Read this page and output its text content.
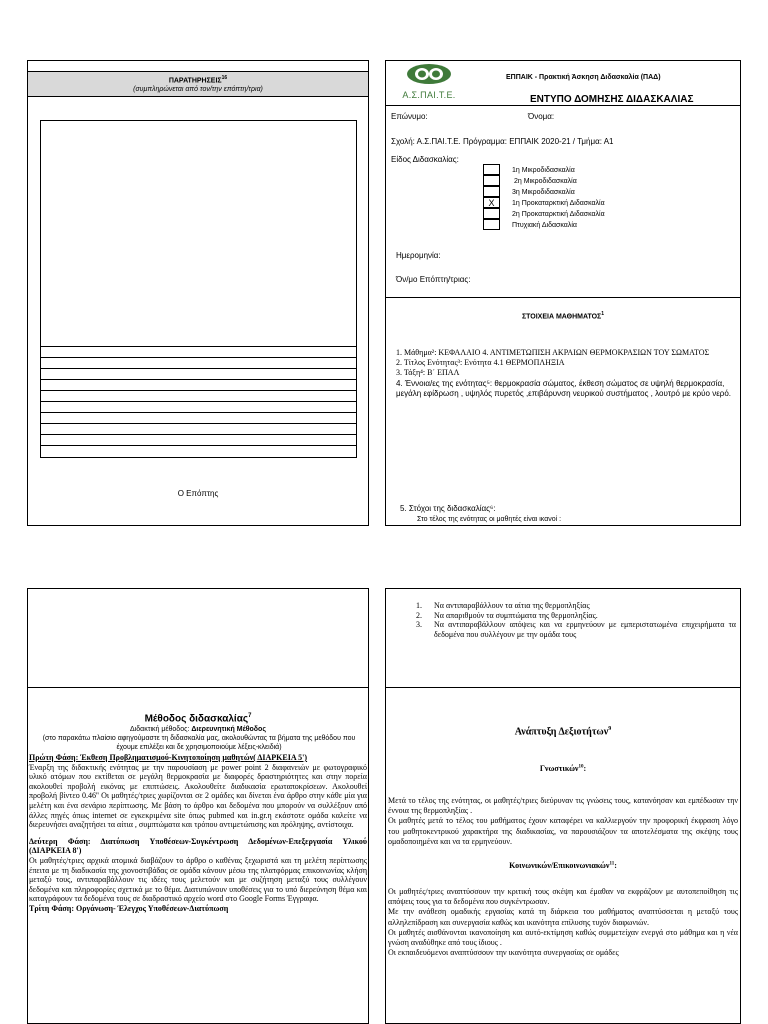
ΠΑΡΑΤΗΡΗΣΕΙΣ$^{16}$
(συμπληρώνεται από τον/την επόπτη/τρια)
Ο Επόπτης
Α.Σ.ΠΑΙ.Τ.Ε.
ΕΠΠΑΙΚ - Πρακτική Άσκηση Διδασκαλία (ΠΑΔ)
ΕΝΤΥΠΟ ΔΟΜΗΣΗΣ ΔΙΔΑΣΚΑΛΙΑΣ
Επώνυμο:	Όνομα:
Σχολή: Α.Σ.ΠΑΙ.Τ.Ε. Πρόγραμμα: ΕΠΠΑΙΚ 2020-21 / Τμήμα: Α1
Είδος Διδασκαλίας:
1η Μικροδιδασκαλία
2η Μικροδιδασκαλία
3η Μικροδιδασκαλία
X	1η Προκαταρκτική Διδασκαλία
2η Προκαταρκτική Διδασκαλία
Πτυχιακή Διδασκαλία
Ημερομηνία:
Όν/μο Επόπτη/τριας:
ΣΤΟΙΧΕΙΑ ΜΑΘΗΜΑΤΟΣ$^1$

1. Μάθημα²: ΚΕΦΑΛΑΙΟ 4. ΑΝΤΙΜΕΤΩΠΙΣΗ ΑΚΡΑΙΩΝ ΘΕΡΜΟΚΡΑΣΙΩΝ ΤΟΥ ΣΩΜΑΤΟΣ

2. Τίτλος Ενότητας³: Ενότητα 4.1 ΘΕΡΜΟΠΛΗΞΙΑ

3. Τάξη⁴: Β΄ ΕΠΑΛ

4. Έννοια/ες της ενότητας⁵: θερμοκρασία σώματος, έκθεση σώματος σε υψηλή θερμοκρασία, μεγάλη εφίδρωση , υψηλός πυρετός ,επιβάρυνση νευρικού συστήματος , λουτρό με κρύο νερό.
5. Στόχοι της διδασκαλίας⁶:
Στο τέλος της ενότητας οι μαθητές είναι ικανοί :
Μέθοδος διδασκαλίας$^7$
Διδακτική μέθοδος: Διερευνητική Μέθοδος
(στο παρακάτω πλαίσιο αφηγούμαστε τη διδασκαλία μας, ακολουθώντας τα βήματα της μεθόδου που έχουμε επιλέξει και δε χρησιμοποιούμε λέξεις-κλειδιά)

Πρώτη Φάση: Έκθεση Προβληματισμού-Κινητοποίηση μαθητών( ΔΙΑΡΚΕΙΑ 5')

Έναρξη της διδακτικής ενότητας με την παρουσίαση με power point 2 διαφανειών με φωτογραφικό υλικό ατόμων που εκτίθεται σε μεγάλη θερμοκρασία με διαφορές δραστηριότητες και στην πορεία ακολουθεί προβολή εικόνας με επιπτώσεις. Ακολουθείτε διαδικασία ερωταποκρίσεων. Ακολουθεί προβολή βίντεο 0.46'' Οι μαθητές/τριες χωρίζονται σε 2 ομάδες και δίνεται ένα άρθρο στην κάθε μία για μελέτη και ένα σενάριο περίπτωσης. Με βάση το άρθρο και δεδομένα που μπορούν να συλλέξουν από άλλες πηγές όπως internet σε εγκεκριμένα site όπως pubmed και in.gr.η εκάστοτε ομάδα καλείτε να διερευνήσει αναζητήσει τα αίτια , συμπτώματα και τρόπου αντιμετώπισης και πρόληψης, αντίστοιχα.

Δεύτερη Φάση: Διατύπωση Υποθέσεων-Συγκέντρωση Δεδομένων-Επεξεργασία Υλικού (ΔΙΑΡΚΕΙΑ 8')

Οι μαθητές/τριες αρχικά ατομικά διαβάζουν το άρθρο ο καθένας ξεχωριστά και τη μελέτη περίπτωσης έπειτα με τη διαδικασία της χιονοστιβάδας σε ομάδα κάνουν μέσω της πλατφόρμας επικοινωνίας κλήση μεταξύ τους, αντιπαραβάλλουν τις ιδέες τους μελετούν και με συζήτηση μεταξύ τους συλλέγουν δεδομένα και πληροφορίες σχετικά με το θέμα. Διατυπώνουν υποθέσεις για το υπό διερεύνηση θέμα και καταγράφουν τα δεδομένα τους σε διαδραστικό αρχείο word στο Google Forms Έγγραφα.

Τρίτη Φάση: Οργάνωση- Έλεγχος Υποθέσεων-Διατύπωση

1.	Να αντιπαραβάλλουν τα αίτια της θερμοπληξίας
2.	Να απαριθμούν τα συμπτώματα της θερμοπληξίας.
3.	Να αντιπαραβάλλουν απόψεις και να ερμηνεύουν με εμπεριστατωμένα επιχειρήματα τα δεδομένα που συλλέγουν με την ομάδα τους
Ανάπτυξη Δεξιοτήτων$^9$
Γνωστικών$^{10}$:

Μετά το τέλος της ενότητας, οι μαθητές/τριες διεύρυναν τις γνώσεις τους, κατανόησαν και εμπέδωσαν την έννοια της θερμοπληξίας .

Οι μαθητές μετά το τέλος του μαθήματος έχουν καταφέρει να καλλιεργούν την προφορική έκφραση λόγο του μαθητοκεντρικού χαρακτήρα της διαδικασίας, να παρουσιάζουν τα αποτελέσματα της σκέψης τους ομαδοποιημένα και να τα ερμηνεύουν.

Κοινωνικών/Επικοινωνιακών$^{11}$:

Οι μαθητές/τριες αναπτύσσουν την κριτική τους σκέψη και έμαθαν να εκφράζουν με αυτοπεποίθηση τις απόψεις τους για τα δεδομένα που συγκέντρωσαν.

Με την ανάθεση ομαδικής εργασίας κατά τη διάρκεια του μαθήματος αναπτύσσεται η μεταξύ τους αλληλεπίδραση και συνεργασία καθώς και ικανότητα επίλυσης τυχόν διαφωνιών.

Οι μαθητές αισθάνονται ικανοποίηση και αυτό-εκτίμηση καθώς συμμετείχαν ενεργά στο μάθημα και η νέα γνώση αναδύθηκε από τους ίδιους .

Οι εκπαιδευόμενοι αναπτύσσουν την ικανότητα συνεργασίας σε ομάδες
